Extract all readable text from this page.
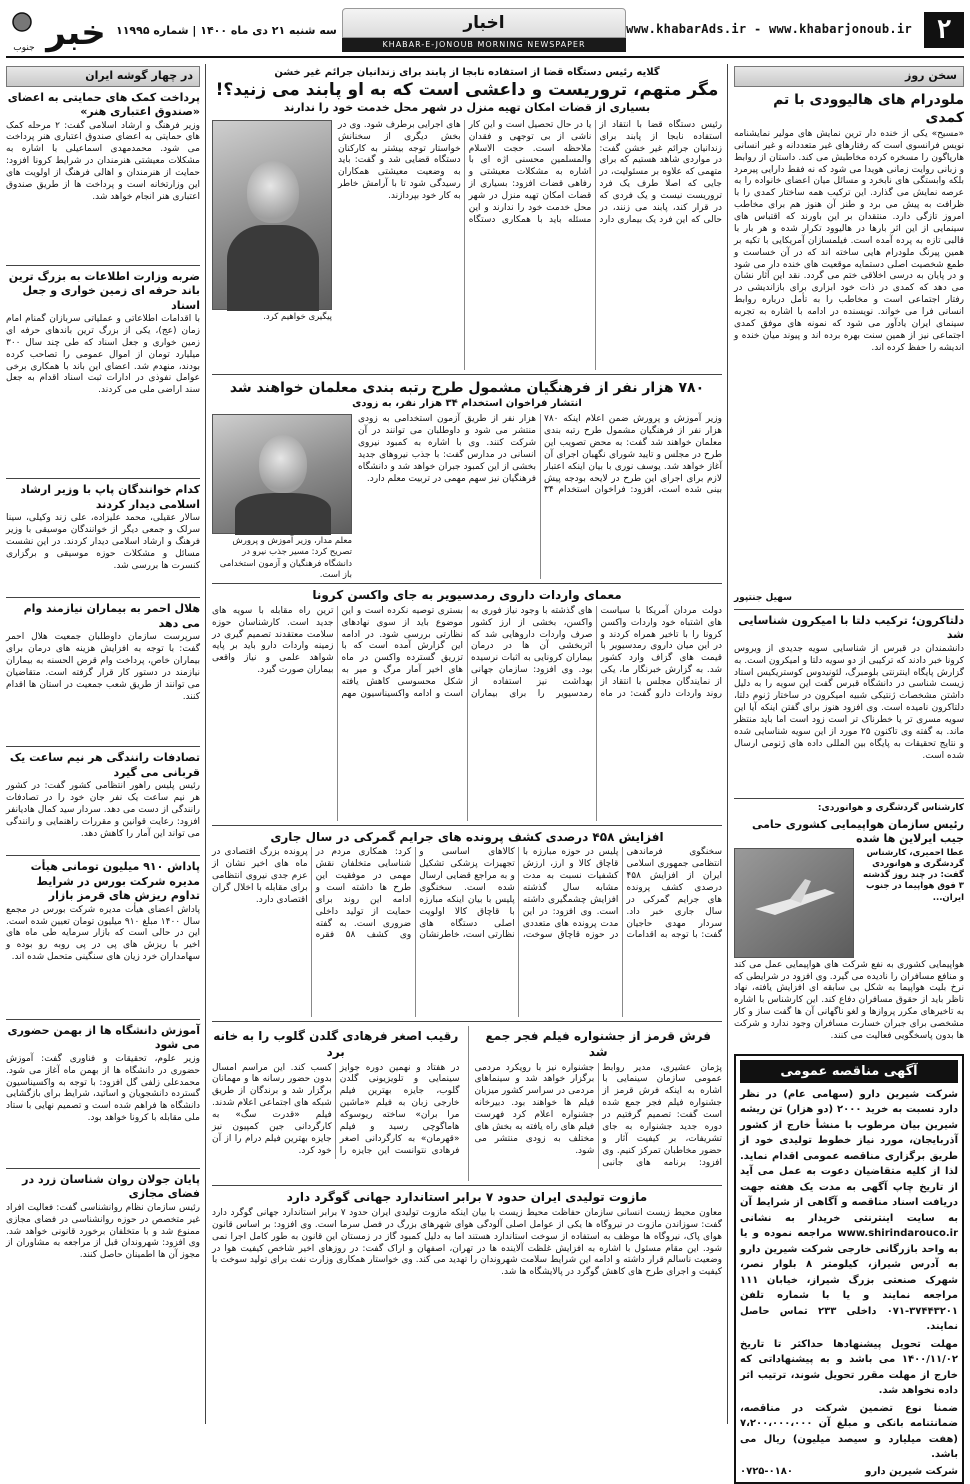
۲
www.khabarAds.ir - www.khabarjonoub.ir
اخبار
KHABAR-E-JONOUB MORNING NEWSPAPER
سه شنبه ۲۱ دی ماه ۱۴۰۰ | شماره ۱۱۹۹۵
خبر
جنوب
سخن روز
ملودرام های هالیوودی با تم کمدی

«مسیح» یکی از خنده دار ترین نمایش های مولیر نمایشنامه نویس فرانسوی است که رفتارهای غیر متعددانه و غیر انسانی هارپاگون را مسخره کرده مخاطبش می کند. داستان از روابط و زبانی روایت زمانی هویدا می شود که نه فقط دارایی پیرمرد بلکه وابستگی های نابخرد و مسائل میان اعضای خانواده را به عرصه نمایش می گذارد. این ترکیب همه ساختار کمدی را با ظرافت به پیش می برد و طنز آن هنوز هم برای مخاطب امروز تازگی دارد. منتقدان بر این باورند که اقتباس های سینمایی از این اثر بارها در هالیوود تکرار شده و هر بار با قالبی تازه به پرده آمده است. فیلمسازان آمریکایی با تکیه بر همین پیرنگ ملودرام هایی ساخته اند که در آن خساست و طمع شخصیت اصلی دستمایه موقعیت های خنده دار می شود و در پایان به درسی اخلاقی ختم می گردد. نقد این آثار نشان می دهد که کمدی در ذات خود ابزاری برای بازاندیشی در رفتار اجتماعی است و مخاطب را به تأمل درباره روابط انسانی فرا می خواند. نویسنده در ادامه با اشاره به تجربه سینمای ایران یادآور می شود که نمونه های موفق کمدی اجتماعی نیز از همین سنت بهره برده اند و پیوند میان خنده و اندیشه را حفظ کرده اند.

سهیل جنتپور
دلتاکرون؛ ترکیب دلتا با امیکرون شناسایی شد

دانشمندان در قبرس از شناسایی سویه جدیدی از ویروس کرونا خبر دادند که ترکیبی از دو سویه دلتا و امیکرون است. به گزارش پایگاه اینترنتی بلومبرگ، لئونیدوس کوستریکیس استاد زیست شناسی در دانشگاه قبرس گفت این سویه را به دلیل داشتن مشخصات ژنتیکی شبیه امیکرون در ساختار ژنوم دلتا، دلتاکرون نامیده است. وی افزود هنوز برای گفتن اینکه آیا این سویه مسری تر یا خطرناک تر است زود است اما باید منتظر ماند. به گفته وی تاکنون ۲۵ مورد از این سویه شناسایی شده و نتایج تحقیقات به پایگاه بین المللی داده های ژنومی ارسال شده است.

کارشناس گردشگری و هوانوردی:
رئیس سازمان هواپیمایی کشوری حامی جیب ایرلاین ها شده
عطا احمیری، کارشناس گردشگری و هوانوردی گفت: در چند روز گذشته ۳ فوق هواپیما در جنوب ایران...

هواپیمایی کشوری به نفع شرکت های هواپیمایی عمل می کند و منافع مسافران را نادیده می گیرد. وی افزود در شرایطی که نرخ بلیت هواپیما به شکل بی سابقه ای افزایش یافته، نهاد ناظر باید از حقوق مسافران دفاع کند. این کارشناس با اشاره به تاخیرهای مکرر پروازها و لغو ناگهانی آن ها گفت ساز و کار مشخصی برای جبران خسارت مسافران وجود ندارد و شرکت ها بدون پاسخگویی فعالیت می کنند.

آگهی مناقصه عمومی

شرکت شیرین دارو (سهامی عام) در نظر دارد نسبت به خرید ۲۰۰۰ (دو هزار) تن ریشه شیرین بیان مرطوب با منشأ خارج از کشور آذربایجان، مورد نیاز خطوط تولیدی خود از طریق برگزاری مناقصه عمومی اقدام نماید. لذا از کلیه متقاضیان دعوت به عمل می آید از تاریخ چاپ آگهی به مدت یک هفته جهت دریافت اسناد مناقصه و آگاهی از شرایط آن به سایت اینترنتی خریدار به نشانی www.shirindarouco.ir مراجعه نموده و یا به واحد بازرگانی خارجی شرکت شیرین دارو به آدرس شیراز، کیلومتر ۸ بلوار نصر، شهرک صنعتی بزرگ شیراز، خیابان ۱۱۱ مراجعه نمایند و یا با شماره تلفن ۳۷۴۴۳۲۰۱-۰۷۱ داخلی ۲۳۳ تماس حاصل نمایند.

مهلت تحویل پیشنهادها حداکثر تا تاریخ ۱۴۰۰/۱۱/۰۲ می باشد و به پیشنهاداتی که خارج از مهلت مقرر تحویل شوند، ترتیب اثر داده نخواهد شد.

ضمنا نوع تضمین شرکت در مناقصه، ضمانتنامه بانکی و مبلغ آن ۷،۲۰۰،۰۰۰،۰۰۰ (هفت میلیارد و سیصد میلیون) ریال می باشد.

شرکت شیرین دارو
۰۷۲۵-۰۱۸۰
گلایه رئیس دستگاه قضا از استفاده نابجا از پابند برای زندانیان جرائم غیر خشن
مگر متهم، تروریست و داعشی است که به او پابند می زنید؟!
بسیاری از قضات امکان تهیه منزل در شهر محل خدمت خود را ندارند

رئیس دستگاه قضا با انتقاد از استفاده نابجا از پابند برای زندانیان جرائم غیر خشن گفت: در مواردی شاهد هستیم که برای متهمی که علاوه بر مسئولیت، در جایی که اصلا طرف یک فرد تروریست نیست و یک فردی که در قرار کند، پابند می زنند، در حالی که این فرد یک بیماری دارد یا در حال تحصیل است و این کار ناشی از بی توجهی و فقدان ملاحظه است. حجت الاسلام والمسلمین محسنی اژه ای با اشاره به مشکلات معیشتی و رفاهی قضات افزود: بسیاری از قضات امکان تهیه منزل در شهر محل خدمت خود را ندارند و این مسئله باید با همکاری دستگاه های اجرایی برطرف شود. وی در بخش دیگری از سخنانش خواستار توجه بیشتر به کارکنان دستگاه قضایی شد و گفت: باید به وضعیت معیشتی همکاران رسیدگی شود تا با آرامش خاطر به کار خود بپردازند.

پیگیری خواهیم کرد.
۷۸۰ هزار نفر از فرهنگیان مشمول طرح رتبه بندی معلمان خواهند شد
انتشار فراخوان استخدام ۳۴ هزار نفر، به زودی

وزیر آموزش و پرورش ضمن اعلام اینکه ۷۸۰ هزار نفر از فرهنگیان مشمول طرح رتبه بندی معلمان خواهند شد گفت: به محض تصویب این طرح در مجلس و تایید شورای نگهبان اجرای آن آغاز خواهد شد. یوسف نوری با بیان اینکه اعتبار لازم برای اجرای این طرح در لایحه بودجه پیش بینی شده است، افزود: فراخوان استخدام ۳۴ هزار نفر از طریق آزمون استخدامی به زودی منتشر می شود و داوطلبان می توانند در آن شرکت کنند. وی با اشاره به کمبود نیروی انسانی در مدارس گفت: با جذب نیروهای جدید بخشی از این کمبود جبران خواهد شد و دانشگاه فرهنگیان نیز سهم مهمی در تربیت معلم دارد.

معلم مدار، وزیر آموزش و پرورش تصریح کرد: مسیر جذب نیرو در دانشگاه فرهنگیان و آزمون استخدامی باز است.
معمای واردات داروی رمدسیویر به جای واکسن کرونا

دولت مردان آمریکا با سیاست های اشتباه خود واردات واکسن کرونا را با تاخیر همراه کردند و در این میان داروی رمدسیویر با قیمت های گزاف وارد کشور شد. به گزارش خبرنگار ما، یکی از نمایندگان مجلس با انتقاد از روند واردات دارو گفت: در ماه های گذشته با وجود نیاز فوری به واکسن، بخشی از ارز کشور صرف واردات داروهایی شد که اثربخشی آن ها در درمان بیماران کرونایی به اثبات نرسیده بود. وی افزود: سازمان جهانی بهداشت نیز استفاده از رمدسیویر را برای بیماران بستری توصیه نکرده است و این موضوع باید از سوی نهادهای نظارتی بررسی شود. در ادامه این گزارش آمده است که با تزریق گسترده واکسن در ماه های اخیر آمار مرگ و میر به شکل محسوسی کاهش یافته است و ادامه واکسیناسیون مهم ترین راه مقابله با سویه های جدید است. کارشناسان حوزه سلامت معتقدند تصمیم گیری در زمینه واردات دارو باید بر پایه شواهد علمی و نیاز واقعی بیماران صورت گیرد.

افزایش ۴۵۸ درصدی کشف پرونده های جرایم گمرکی در سال جاری

سخنگوی فرماندهی انتظامی جمهوری اسلامی ایران از افزایش ۴۵۸ درصدی کشف پرونده های جرایم گمرکی در سال جاری خبر داد. سردار مهدی حاجیان گفت: با توجه به اقدامات پلیس در حوزه مبارزه با قاچاق کالا و ارز، ارزش کشفیات نسبت به مدت مشابه سال گذشته افزایش چشمگیری داشته است. وی افزود: در این مدت پرونده های متعددی در حوزه قاچاق سوخت، کالاهای اساسی و تجهیزات پزشکی تشکیل و به مراجع قضایی ارسال شده است. سخنگوی پلیس با بیان اینکه مبارزه با قاچاق کالا اولویت اصلی دستگاه های نظارتی است، خاطرنشان کرد: همکاری مردم در شناسایی متخلفان نقش مهمی در موفقیت این طرح ها داشته است و ادامه این روند برای حمایت از تولید داخلی ضروری است. به گفته وی کشف ۵۸ فقره پرونده بزرگ اقتصادی در ماه های اخیر نشان از عزم جدی نیروی انتظامی برای مقابله با اخلال گران اقتصادی دارد.

فرش قرمز از جشنواره فیلم فجر جمع شد

پژمان عشیری، مدیر روابط عمومی سازمان سینمایی با اشاره به اینکه فرش قرمز از جشنواره فیلم فجر جمع شده است گفت: تصمیم گرفتیم در دوره جدید جشنواره به جای تشریفات، بر کیفیت آثار و حضور مخاطبان تمرکز کنیم. وی افزود: برنامه های جانبی جشنواره نیز با رویکرد مردمی برگزار خواهد شد و سینماهای مردمی در سراسر کشور میزبان فیلم ها خواهند بود. دبیرخانه جشنواره اعلام کرد فهرست فیلم های راه یافته به بخش های مختلف به زودی منتشر می شود.

رقیب اصغر فرهادی گلدن گلوب را به خانه برد

در هفتاد و نهمین دوره جوایز سینمایی و تلویزیونی گلدن گلوب، جایزه بهترین فیلم خارجی زبان به فیلم «ماشین مرا بران» ساخته ریوسوکه هاماگوچی رسید و فیلم «قهرمان» به کارگردانی اصغر فرهادی نتوانست این جایزه را کسب کند. این مراسم امسال بدون حضور رسانه ها و مهمانان برگزار شد و برندگان از طریق شبکه های اجتماعی اعلام شدند. فیلم «قدرت سگ» به کارگردانی جین کمپیون نیز جایزه بهترین فیلم درام را از آن خود کرد.

مازوت تولیدی ایران حدود ۷ برابر استاندارد جهانی گوگرد دارد

معاون محیط زیست انسانی سازمان حفاظت محیط زیست با بیان اینکه مازوت تولیدی ایران حدود ۷ برابر استاندارد جهانی گوگرد دارد گفت: سوزاندن مازوت در نیروگاه ها یکی از عوامل اصلی آلودگی هوای شهرهای بزرگ در فصل سرما است. وی افزود: بر اساس قانون هوای پاک، نیروگاه ها موظف به استفاده از سوخت استاندارد هستند اما به دلیل کمبود گاز در زمستان این قانون به طور کامل اجرا نمی شود. این مقام مسئول با اشاره به افزایش غلظت آلاینده ها در تهران، اصفهان و اراک گفت: در روزهای اخیر شاخص کیفیت هوا در وضعیت ناسالم قرار داشته و ادامه این شرایط سلامت شهروندان را تهدید می کند. وی خواستار همکاری وزارت نفت برای تولید سوخت با کیفیت و اجرای طرح های کاهش گوگرد در پالایشگاه ها شد.

در چهار گوشه ایران
پرداخت کمک های حمایتی به اعضای «صندوق اعتباری هنر»

وزیر فرهنگ و ارشاد اسلامی گفت: ۲ مرحله کمک های حمایتی به اعضای صندوق اعتباری هنر پرداخت می شود. محمدمهدی اسماعیلی با اشاره به مشکلات معیشتی هنرمندان در شرایط کرونا افزود: حمایت از هنرمندان و اهالی فرهنگ از اولویت های این وزارتخانه است و پرداخت ها از طریق صندوق اعتباری هنر انجام خواهد شد.

ضربه وزارت اطلاعات به بزرگ ترین باند حرفه ای زمین خواری و جعل اسناد

با اقدامات اطلاعاتی و عملیاتی سربازان گمنام امام زمان (عج)، یکی از بزرگ ترین باندهای حرفه ای زمین خواری و جعل اسناد که طی چند سال ۳۰۰ میلیارد تومان از اموال عمومی را تصاحب کرده بودند، منهدم شد. اعضای این باند با همکاری برخی عوامل نفوذی در ادارات ثبت اسناد اقدام به جعل سند اراضی ملی می کردند.

کدام خوانندگان پاپ با وزیر ارشاد اسلامی دیدار کردند

سالار عقیلی، محمد علیزاده، علی زند وکیلی، سینا سرلک و جمعی دیگر از خوانندگان موسیقی با وزیر فرهنگ و ارشاد اسلامی دیدار کردند. در این نشست مسائل و مشکلات حوزه موسیقی و برگزاری کنسرت ها بررسی شد.

هلال احمر به بیماران نیازمند وام می دهد

سرپرست سازمان داوطلبان جمعیت هلال احمر گفت: با توجه به افزایش هزینه های درمان برای بیماران خاص، پرداخت وام قرض الحسنه به بیماران نیازمند در دستور کار قرار گرفته است. متقاضیان می توانند از طریق شعب جمعیت در استان ها اقدام کنند.

تصادفات رانندگی هر نیم ساعت یک قربانی می گیرد

رئیس پلیس راهور انتظامی کشور گفت: در کشور هر نیم ساعت یک نفر جان خود را در تصادفات رانندگی از دست می دهد. سردار سید کمال هادیانفر افزود: رعایت قوانین و مقررات راهنمایی و رانندگی می تواند این آمار را کاهش دهد.

پاداش ۹۱۰ میلیون تومانی هیأت مدیره شرکت بورس در شرایط تداوم ریزش های قرمز بازار

پاداش اعضای هیأت مدیره شرکت بورس در مجمع سال ۱۴۰۰ مبلغ ۹۱۰ میلیون تومان تعیین شده است. این در حالی است که بازار سرمایه طی ماه های اخیر با ریزش های پی در پی روبه رو بوده و سهامداران خرد زیان های سنگینی متحمل شده اند.

آموزش دانشگاه ها از بهمن حضوری می شود

وزیر علوم، تحقیقات و فناوری گفت: آموزش حضوری در دانشگاه ها از بهمن ماه آغاز می شود. محمدعلی زلفی گل افزود: با توجه به واکسیناسیون گسترده دانشجویان و اساتید، شرایط برای بازگشایی دانشگاه ها فراهم شده است و تصمیم نهایی با ستاد ملی مقابله با کرونا خواهد بود.

پایان جولان روان شناسان زرد در فضای مجازی

رئیس سازمان نظام روانشناسی گفت: فعالیت افراد غیر متخصص در حوزه روانشناسی در فضای مجازی ممنوع شد و با متخلفان برخورد قانونی خواهد شد. وی افزود: شهروندان قبل از مراجعه به مشاوران از مجوز آن ها اطمینان حاصل کنند.
